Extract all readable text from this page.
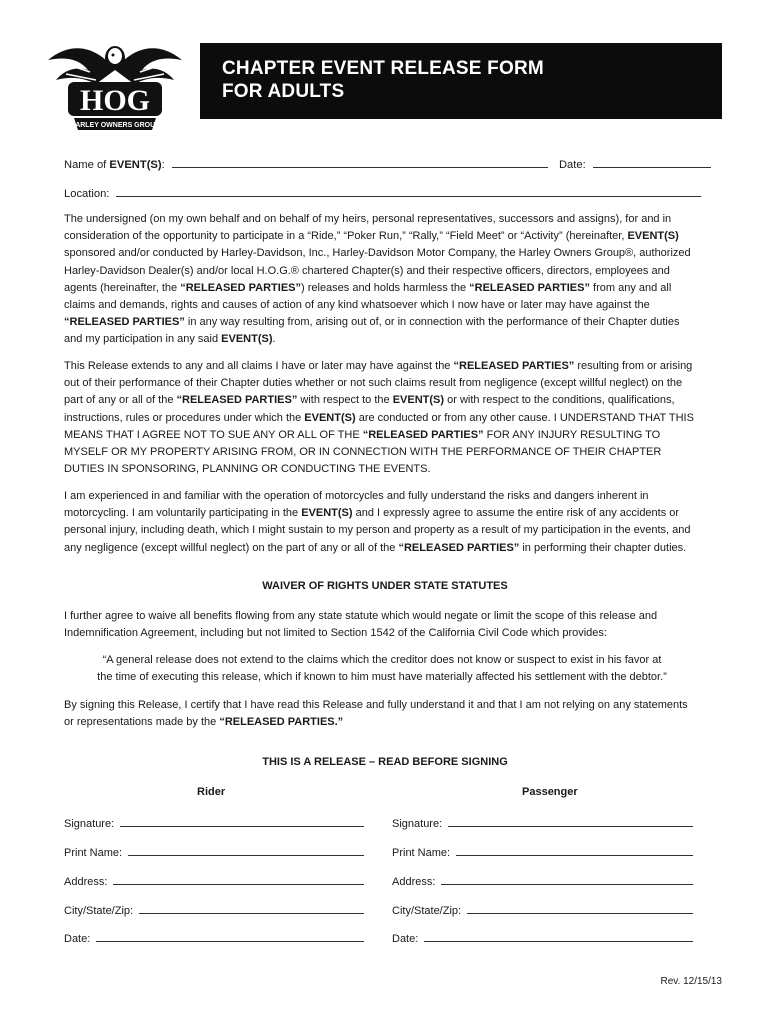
HOG
HARLEY OWNERS GROUP
CHAPTER EVENT RELEASE FORM
FOR ADULTS
Name of EVENT(S):	Date:
Location:
The undersigned (on my own behalf and on behalf of my heirs, personal representatives, successors and assigns), for and in consideration of the opportunity to participate in a “Ride,” “Poker Run,” “Rally,” “Field Meet” or “Activity” (hereinafter, EVENT(S) sponsored and/or conducted by Harley-Davidson, Inc., Harley-Davidson Motor Company, the Harley Owners Group®, authorized Harley-Davidson Dealer(s) and/or local H.O.G.® chartered Chapter(s) and their respective officers, directors, employees and agents (hereinafter, the “RELEASED PARTIES”) releases and holds harmless the “RELEASED PARTIES” from any and all claims and demands, rights and causes of action of any kind whatsoever which I now have or later may have against the “RELEASED PARTIES” in any way resulting from, arising out of, or in connection with the performance of their Chapter duties and my participation in any said EVENT(S).
This Release extends to any and all claims I have or later may have against the “RELEASED PARTIES” resulting from or arising out of their performance of their Chapter duties whether or not such claims result from negligence (except willful neglect) on the part of any or all of the “RELEASED PARTIES” with respect to the EVENT(S) or with respect to the conditions, qualifications, instructions, rules or procedures under which the EVENT(S) are conducted or from any other cause. I UNDERSTAND THAT THIS MEANS THAT I AGREE NOT TO SUE ANY OR ALL OF THE “RELEASED PARTIES” FOR ANY INJURY RESULTING TO MYSELF OR MY PROPERTY ARISING FROM, OR IN CONNECTION WITH THE PERFORMANCE OF THEIR CHAPTER DUTIES IN SPONSORING, PLANNING OR CONDUCTING THE EVENTS.
I am experienced in and familiar with the operation of motorcycles and fully understand the risks and dangers inherent in motorcycling. I am voluntarily participating in the EVENT(S) and I expressly agree to assume the entire risk of any accidents or personal injury, including death, which I might sustain to my person and property as a result of my participation in the events, and any negligence (except willful neglect) on the part of any or all of the “RELEASED PARTIES” in performing their chapter duties.
WAIVER OF RIGHTS UNDER STATE STATUTES
I further agree to waive all benefits flowing from any state statute which would negate or limit the scope of this release and Indemnification Agreement, including but not limited to Section 1542 of the California Civil Code which provides:
“A general release does not extend to the claims which the creditor does not know or suspect to exist in his favor at
the time of executing this release, which if known to him must have materially affected his settlement with the debtor.”
By signing this Release, I certify that I have read this Release and fully understand it and that I am not relying on any statements or representations made by the “RELEASED PARTIES.”
THIS IS A RELEASE – READ BEFORE SIGNING
Rider	Passenger
Signature:
Print Name:
Address:
City/State/Zip:
Date:
Signature:
Print Name:
Address:
City/State/Zip:
Date:
Rev. 12/15/13
